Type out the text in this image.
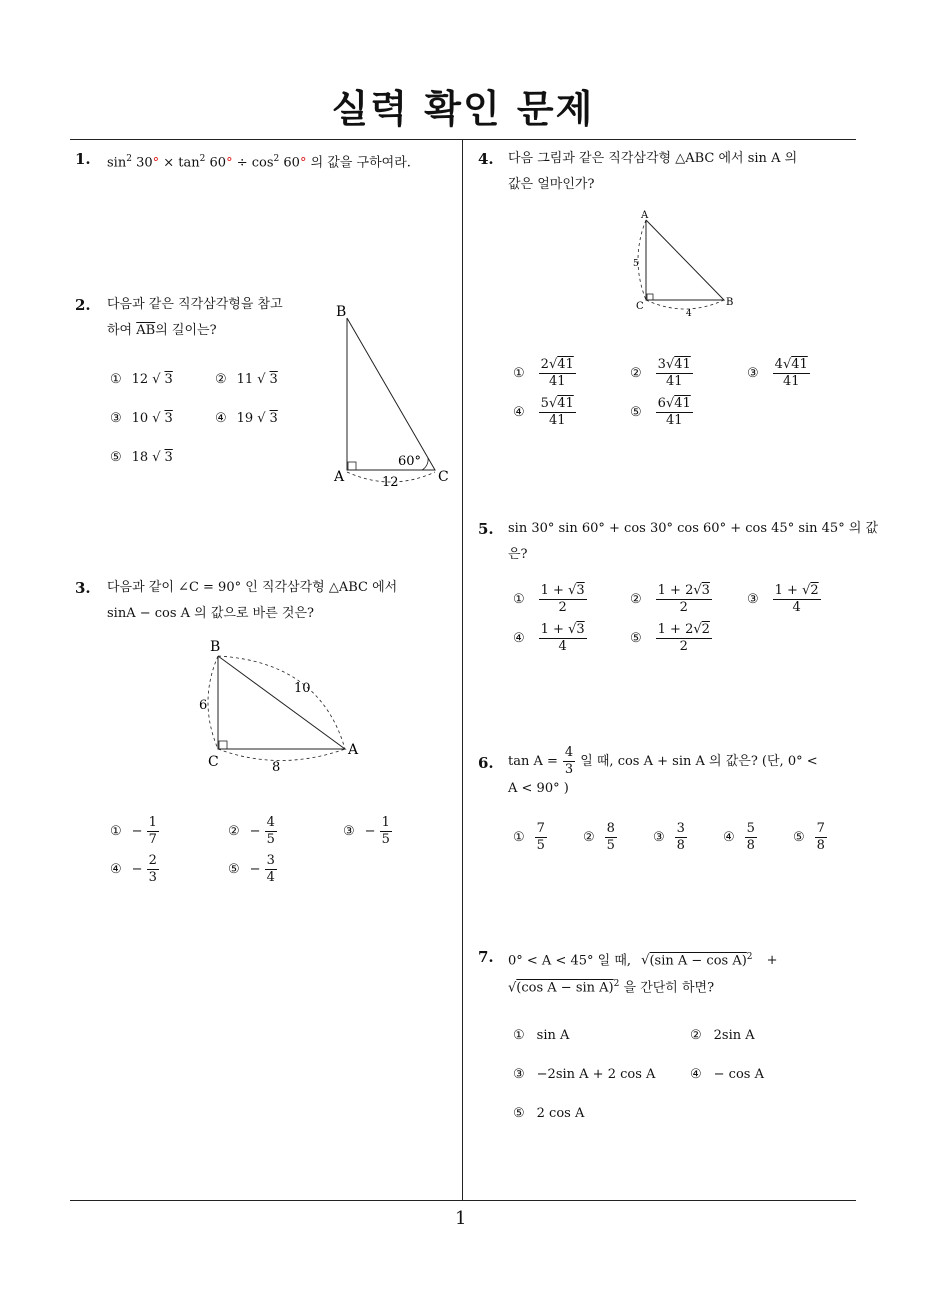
실력 확인 문제
1
1. $\sin^2 30^\circ \times \tan^2 60^\circ \div \cos^2 60^\circ$ 의 값을 구하여라.
2. 다음과 같은 직각삼각형을 참고
하여 $\overline{AB}$의 길이는?
① 12 √ 3	② 11 √ 3
③ 10 √ 3	④ 19 √ 3
⑤ 18 √ 3
B
A	C
60°
12
3. 다음과 같이 ∠C = 90° 인 직각삼각형 △ABC 에서
sinA − cos A 의 값으로 바른 것은?
B
C
A
6
10
8
① − $\frac{1}{7}$	② − $\frac{4}{5}$	③ − $\frac{1}{5}$
④ − $\frac{2}{3}$	⑤ − $\frac{3}{4}$
4. 다음 그림과 같은 직각삼각형 △ABC 에서 sin A 의
값은 얼마인가?
A
C	B
5
4
① $\frac{2√41}{41}$	② $\frac{3√41}{41}$	③ $\frac{4√41}{41}$
④ $\frac{5√41}{41}$	⑤ $\frac{6√41}{41}$
5. sin 30° sin 60° + cos 30° cos 60° + cos 45° sin 45° 의 값
은?
① $\frac{1 + √3}{2}$	② $\frac{1 + 2√3}{2}$	③ $\frac{1 + √2}{4}$
④ $\frac{1 + √3}{4}$	⑤ $\frac{1 + 2√2}{2}$
6. $\tan A = \frac{4}{3}$ 일 때, cos A + sin A 의 값은? (단, 0° <
A < 90° )
① $\frac{7}{5}$	② $\frac{8}{5}$	③ $\frac{3}{8}$	④ $\frac{5}{8}$	⑤ $\frac{7}{8}$
7. 0° < A < 45° 일 때, √(sin A − cos A)$^2$ +
√(cos A − sin A)$^2$ 을 간단히 하면?
① sin A	② 2sin A
③ −2sin A + 2 cos A	④ − cos A
⑤ 2 cos A
